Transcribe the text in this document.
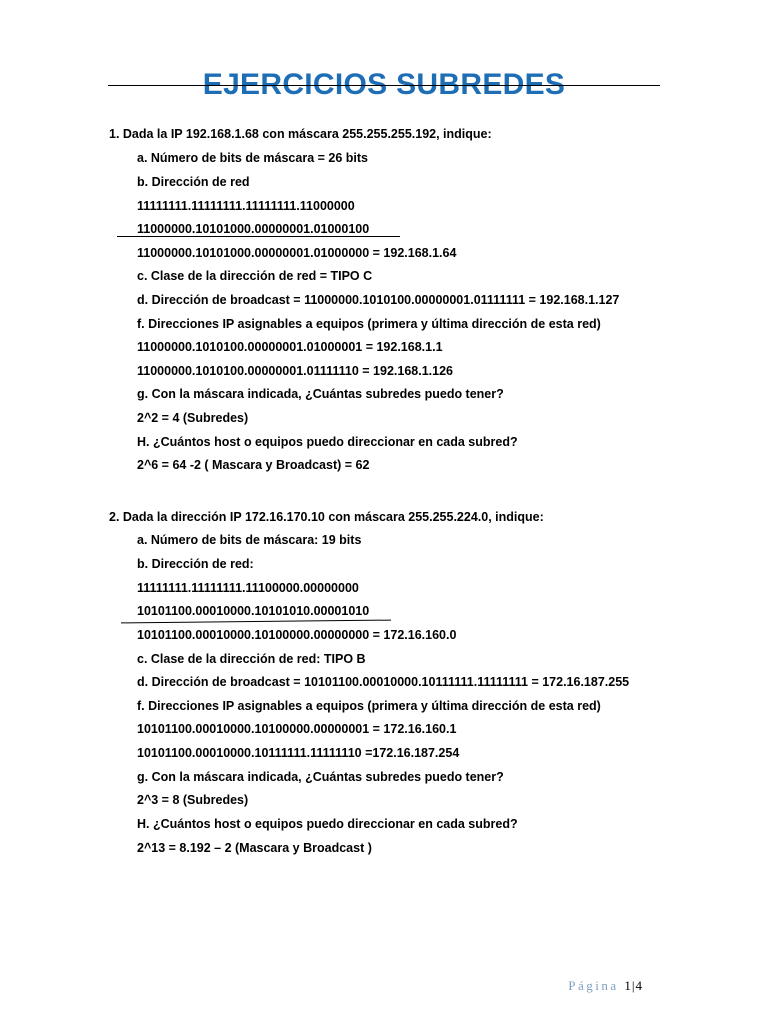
EJERCICIOS SUBREDES
1. Dada la IP 192.168.1.68 con máscara 255.255.255.192, indique:
a. Número de bits de máscara = 26 bits
b. Dirección de red
11111111.11111111.11111111.11000000
11000000.10101000.00000001.01000100
11000000.10101000.00000001.01000000 = 192.168.1.64
c. Clase de la dirección de red = TIPO C
d. Dirección de broadcast = 11000000.1010100.00000001.01111111 = 192.168.1.127
f. Direcciones IP asignables a equipos (primera y última dirección de esta red)
11000000.1010100.00000001.01000001 = 192.168.1.1
11000000.1010100.00000001.01111110 = 192.168.1.126
g. Con la máscara indicada, ¿Cuántas subredes puedo tener?
2^2 = 4 (Subredes)
H. ¿Cuántos host o equipos puedo direccionar en cada subred?
2^6 = 64 -2 ( Mascara y Broadcast) = 62
2. Dada la dirección IP 172.16.170.10 con máscara 255.255.224.0, indique:
a. Número de bits de máscara: 19 bits
b. Dirección de red:
11111111.11111111.11100000.00000000
10101100.00010000.10101010.00001010
10101100.00010000.10100000.00000000 = 172.16.160.0
c. Clase de la dirección de red: TIPO B
d. Dirección de broadcast = 10101100.00010000.10111111.11111111 = 172.16.187.255
f. Direcciones IP asignables a equipos (primera y última dirección de esta red)
10101100.00010000.10100000.00000001 = 172.16.160.1
10101100.00010000.10111111.11111110 =172.16.187.254
g. Con la máscara indicada, ¿Cuántas subredes puedo tener?
2^3 = 8 (Subredes)
H. ¿Cuántos host o equipos puedo direccionar en cada subred?
2^13 = 8.192 – 2 (Mascara y Broadcast )
Página 1|4
